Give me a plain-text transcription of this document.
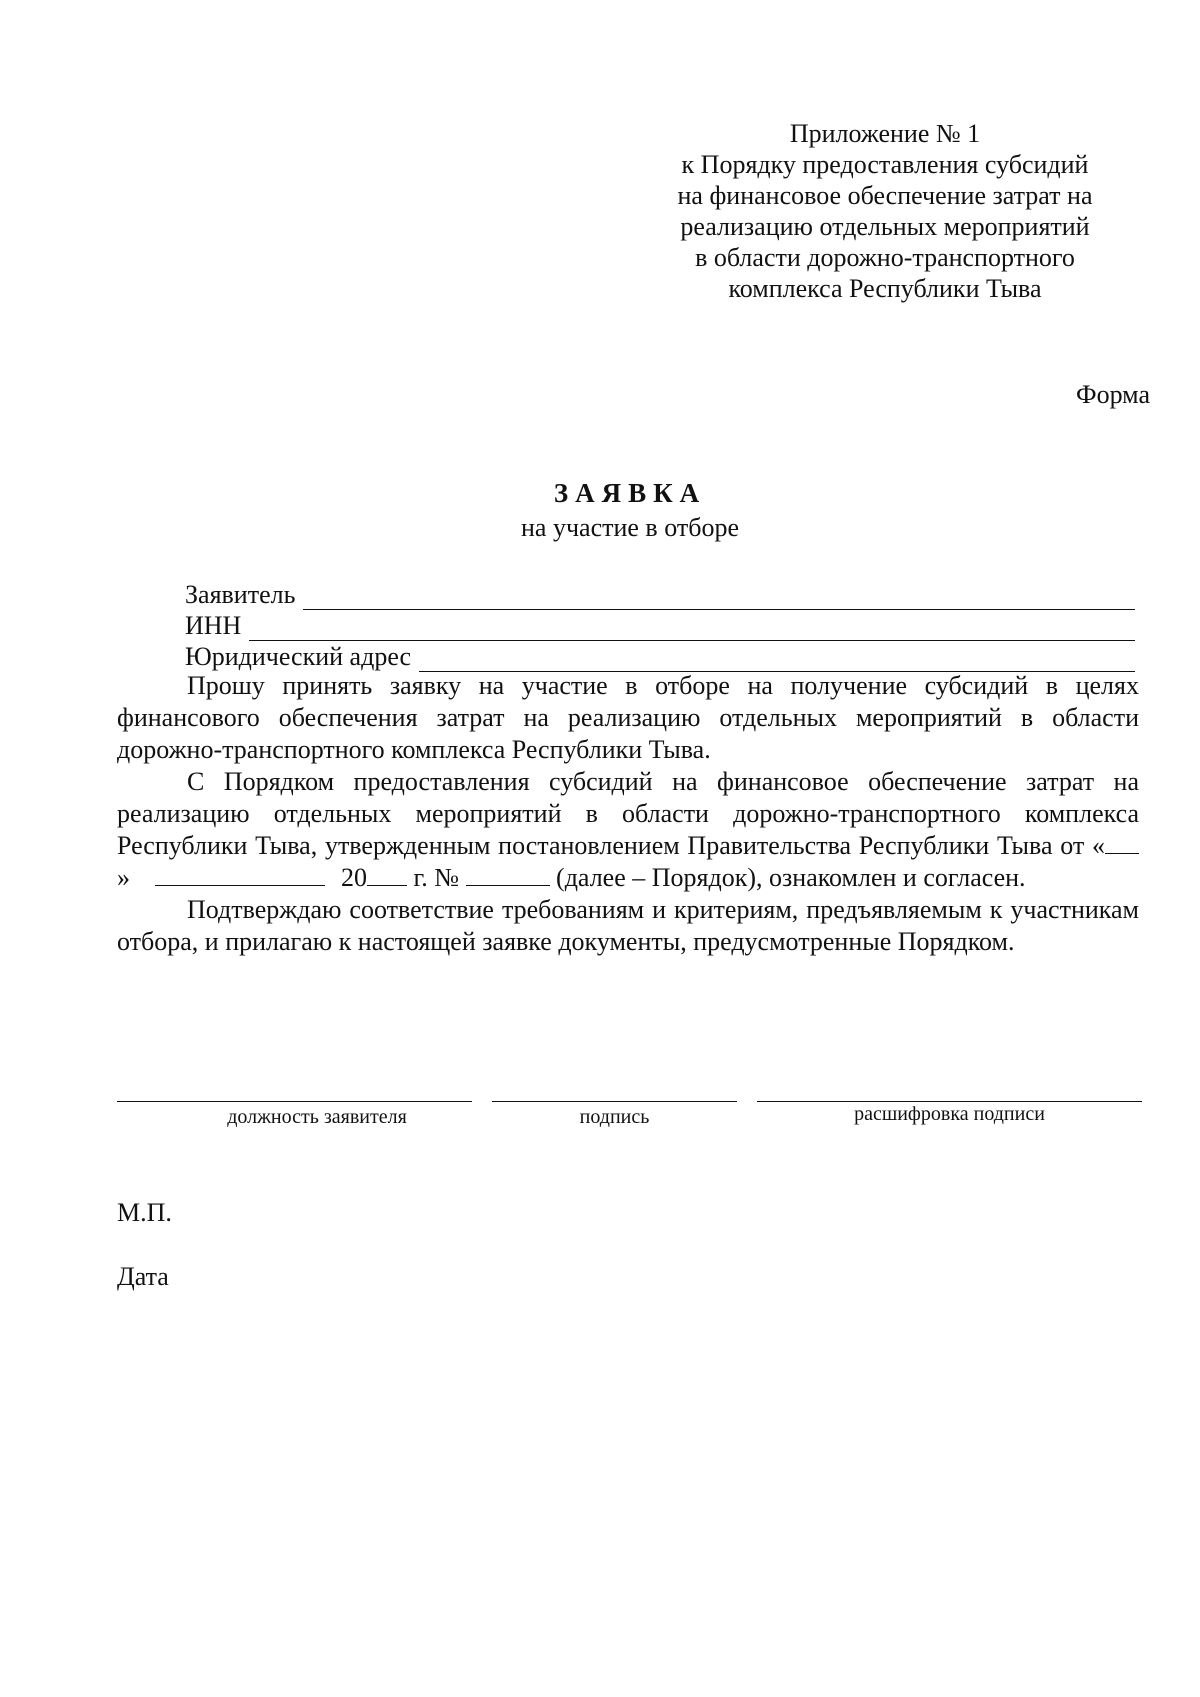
Приложение № 1
к Порядку предоставления субсидий
на финансовое обеспечение затрат на
реализацию отдельных мероприятий
в области дорожно-транспортного
комплекса Республики Тыва
Форма
ЗАЯВКА
на участие в отборе
Заявитель
ИНН
Юридический адрес

Прошу принять заявку на участие в отборе на получение субсидий в целях финансового обеспечения затрат на реализацию отдельных мероприятий в области дорожно-транспортного комплекса Республики Тыва.

С Порядком предоставления субсидий на финансовое обеспечение затрат на реализацию отдельных мероприятий в области дорожно-транспортного комплекса Республики Тыва, утвержденным постановлением Правительства Республики Тыва от «»	20 г. №	(далее – Порядок), ознакомлен и согласен.

Подтверждаю соответствие требованиям и критериям, предъявляемым к участникам отбора, и прилагаю к настоящей заявке документы, предусмотренные Порядком.

должность заявителя	подпись	расшифровка подписи
М.П.
Дата
